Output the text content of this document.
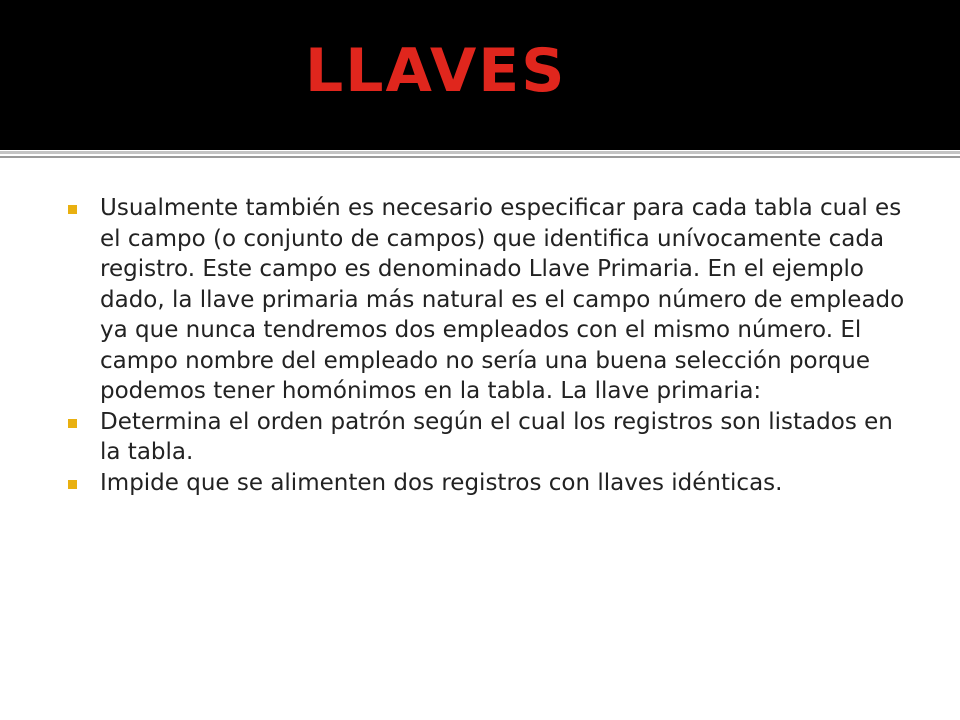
LLAVES
Usualmente también es necesario especificar para cada tabla cual es el campo (o conjunto de campos) que identifica unívocamente cada registro. Este campo es denominado Llave Primaria. En el ejemplo dado, la llave primaria más natural es el campo número de empleado ya que nunca tendremos dos empleados con el mismo número. El campo nombre del empleado no sería una buena selección porque podemos tener homónimos en la tabla. La llave primaria:
Determina el orden patrón según el cual los registros son listados en la tabla.
Impide que se alimenten dos registros con llaves idénticas.
